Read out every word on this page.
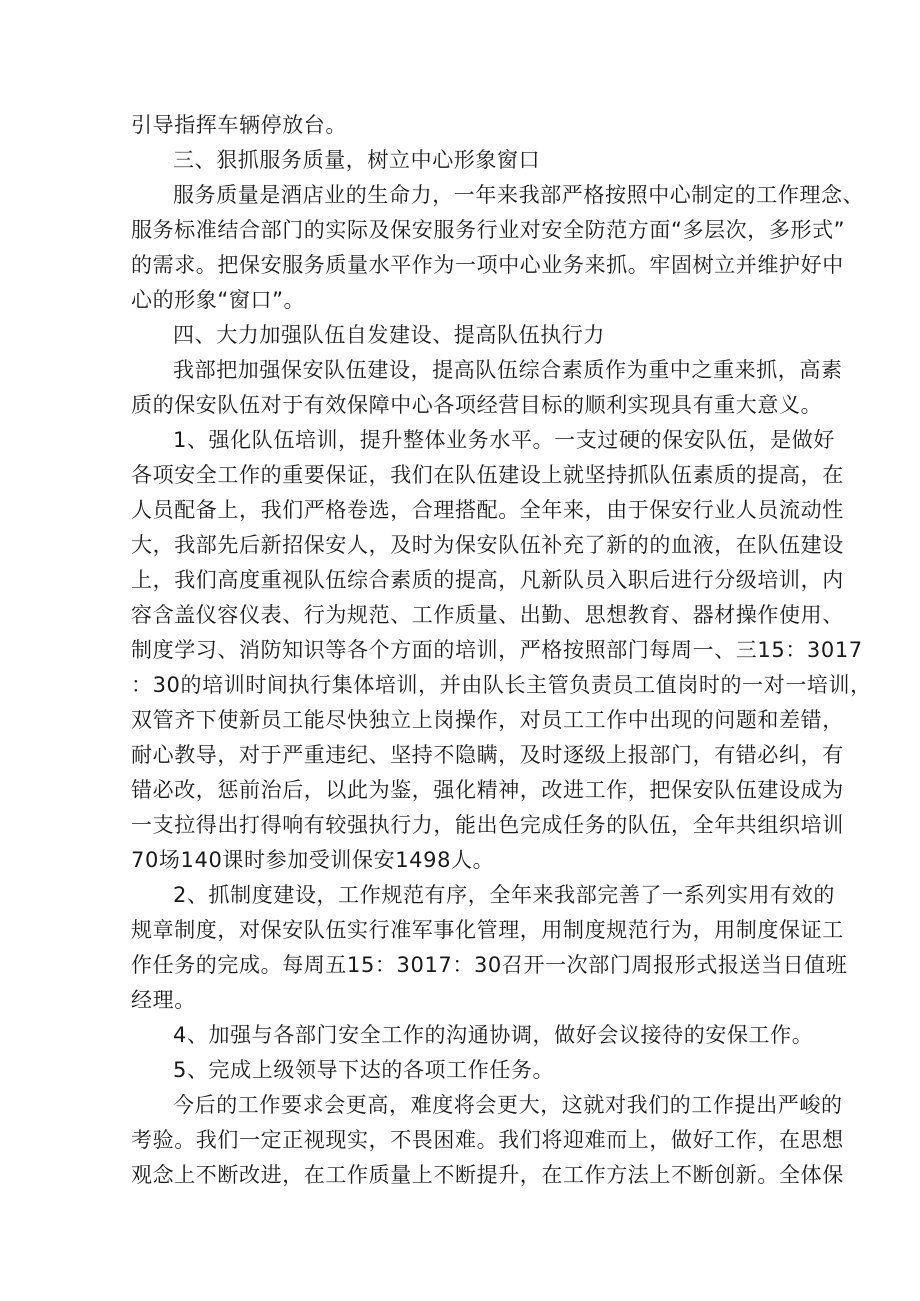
引导指挥车辆停放台。
三、狠抓服务质量，树立中心形象窗口
服务质量是酒店业的生命力，一年来我部严格按照中心制定的工作理念、
服务标准结合部门的实际及保安服务行业对安全防范方面“多层次，多形式”
的需求。把保安服务质量水平作为一项中心业务来抓。牢固树立并维护好中
心的形象“窗口”。
四、大力加强队伍自发建设、提高队伍执行力
我部把加强保安队伍建设，提高队伍综合素质作为重中之重来抓，高素
质的保安队伍对于有效保障中心各项经营目标的顺利实现具有重大意义。
1、强化队伍培训，提升整体业务水平。一支过硬的保安队伍，是做好
各项安全工作的重要保证，我们在队伍建设上就坚持抓队伍素质的提高，在
人员配备上，我们严格卷选，合理搭配。全年来，由于保安行业人员流动性
大，我部先后新招保安人，及时为保安队伍补充了新的的血液，在队伍建设
上，我们高度重视队伍综合素质的提高，凡新队员入职后进行分级培训，内
容含盖仪容仪表、行为规范、工作质量、出勤、思想教育、器材操作使用、
制度学习、消防知识等各个方面的培训，严格按照部门每周一、三15：3017
：30的培训时间执行集体培训，并由队长主管负责员工值岗时的一对一培训，
双管齐下使新员工能尽快独立上岗操作，对员工工作中出现的问题和差错，
耐心教导，对于严重违纪、坚持不隐瞒，及时逐级上报部门，有错必纠，有
错必改，惩前治后，以此为鉴，强化精神，改进工作，把保安队伍建设成为
一支拉得出打得响有较强执行力，能出色完成任务的队伍，全年共组织培训
70场140课时参加受训保安1498人。
2、抓制度建设，工作规范有序，全年来我部完善了一系列实用有效的
规章制度，对保安队伍实行准军事化管理，用制度规范行为，用制度保证工
作任务的完成。每周五15：3017：30召开一次部门周报形式报送当日值班
经理。
4、加强与各部门安全工作的沟通协调，做好会议接待的安保工作。
5、完成上级领导下达的各项工作任务。
今后的工作要求会更高，难度将会更大，这就对我们的工作提出严峻的
考验。我们一定正视现实，不畏困难。我们将迎难而上，做好工作，在思想
观念上不断改进，在工作质量上不断提升，在工作方法上不断创新。全体保
